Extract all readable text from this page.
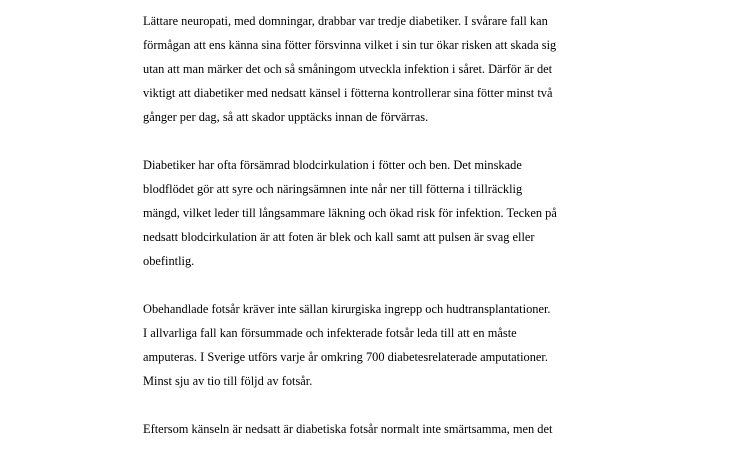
Lättare neuropati, med domningar, drabbar var tredje diabetiker. I svårare fall kan
förmågan att ens känna sina fötter försvinna vilket i sin tur ökar risken att skada sig
utan att man märker det och så småningom utveckla infektion i såret. Därför är det
viktigt att diabetiker med nedsatt känsel i fötterna kontrollerar sina fötter minst två
gånger per dag, så att skador upptäcks innan de förvärras.

Diabetiker har ofta försämrad blodcirkulation i fötter och ben. Det minskade
blodflödet gör att syre och näringsämnen inte når ner till fötterna i tillräcklig
mängd, vilket leder till långsammare läkning och ökad risk för infektion. Tecken på
nedsatt blodcirkulation är att foten är blek och kall samt att pulsen är svag eller
obefintlig.

Obehandlade fotsår kräver inte sällan kirurgiska ingrepp och hudtransplantationer.
I allvarliga fall kan försummade och infekterade fotsår leda till att en måste
amputeras. I Sverige utförs varje år omkring 700 diabetesrelaterade amputationer.
Minst sju av tio till följd av fotsår.

Eftersom känseln är nedsatt är diabetiska fotsår normalt inte smärtsamma, men det
